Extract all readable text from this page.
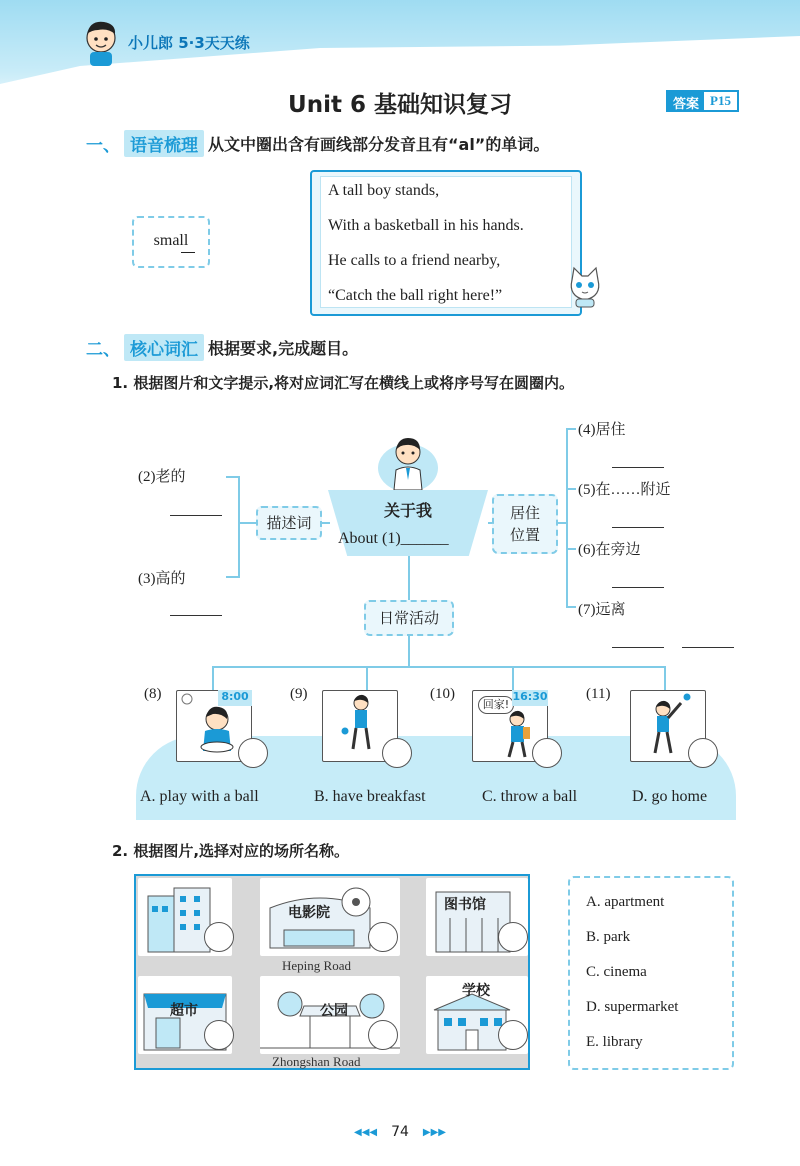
小儿郎 5·3天天练
Unit 6 基础知识复习	答案 P15
一、 语音梳理 从文中圈出含有画线部分发音且有“al”的单词。
small
A tall boy stands,
With a basketball in his hands.
He calls to a friend nearby,
“Catch the ball right here!”
二、 核心词汇 根据要求,完成题目。
1. 根据图片和文字提示,将对应词汇写在横线上或将序号写在圆圈内。
关于我
About (1)______
描述词
(2)老的
(3)高的
居住
位置
(4)居住
(5)在……附近
(6)在旁边
(7)远离
日常活动
(8)	8:00	(9)	(10)
回家!
16:30	(11)
A. play with a ball	B. have breakfast	C. throw a ball	D. go home
2. 根据图片,选择对应的场所名称。
电影院	图书馆
Heping Road
超市	公园
学校
Zhongshan Road
A. apartment
B. park
C. cinema
D. supermarket
E. library
◀◀◀ 74 ▶▶▶
